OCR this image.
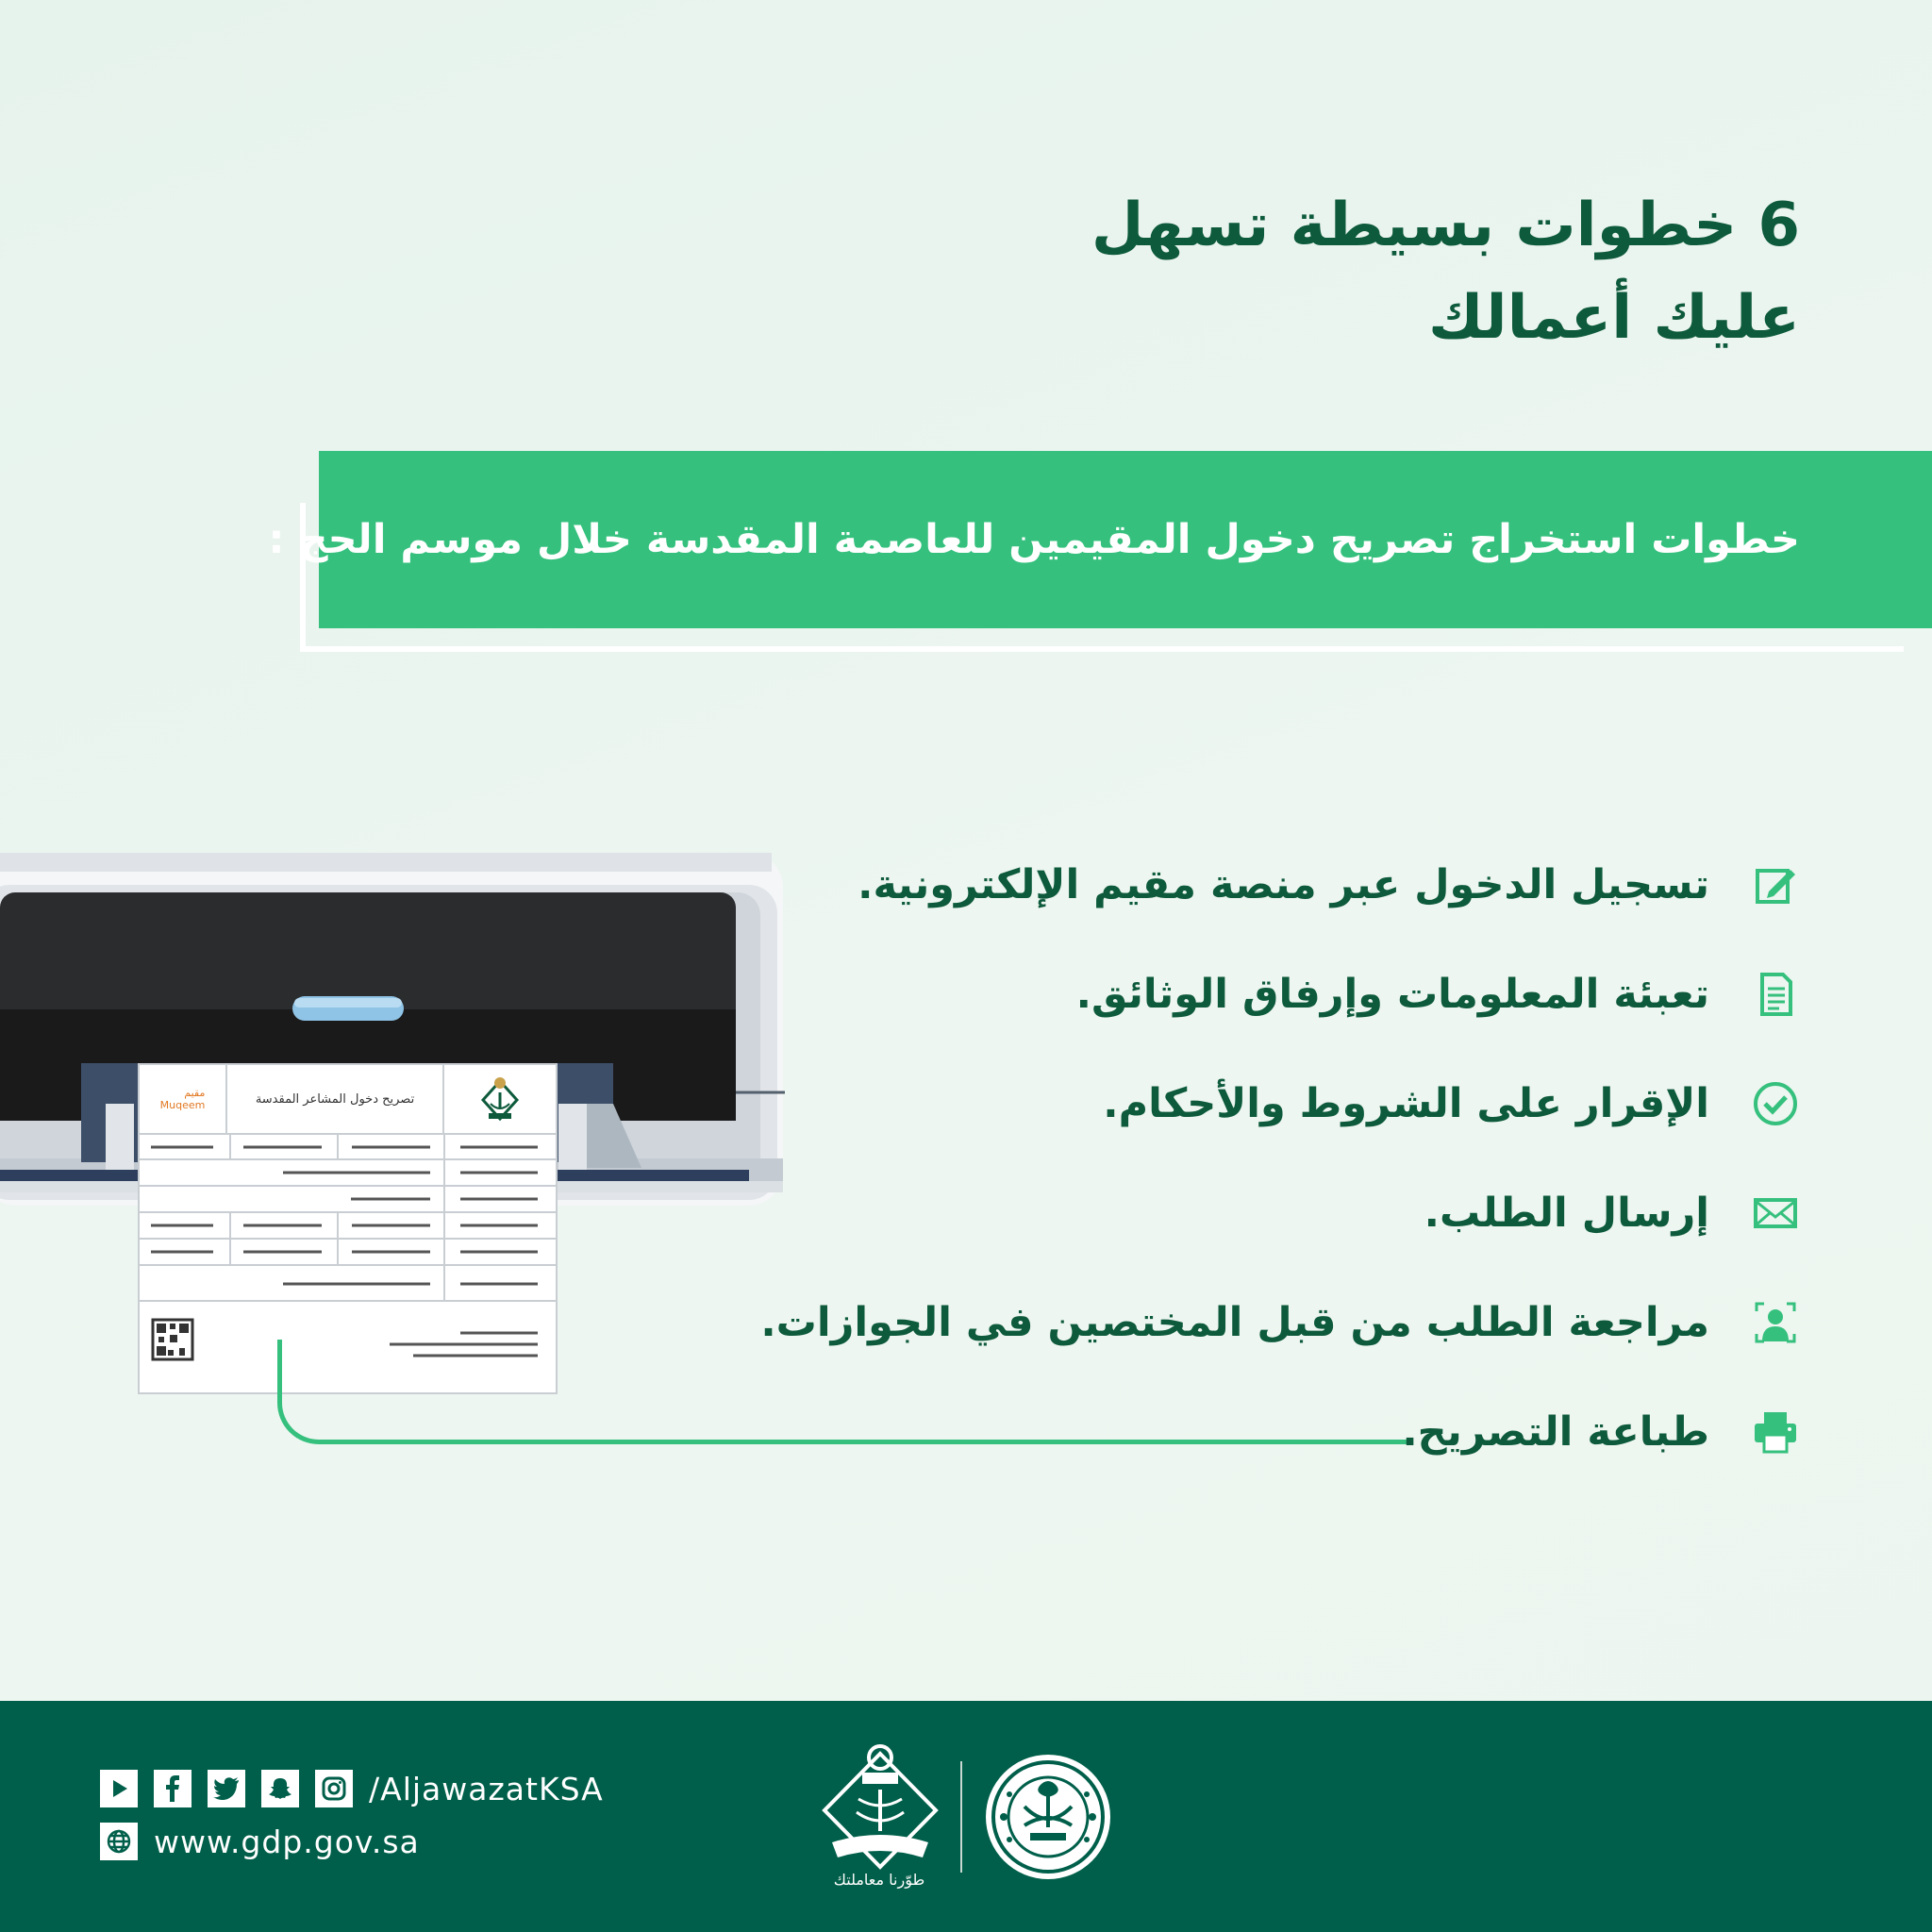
6 خطوات بسيطة تسهل
عليك أعمالك

خطوات استخراج تصريح دخول المقيمين للعاصمة المقدسة خلال موسم الحج :

تصريح دخول المشاعر المقدسة
مقيم
Muqeem
تسجيل الدخول عبر منصة مقيم الإلكترونية.
تعبئة المعلومات وإرفاق الوثائق.
الإقرار على الشروط والأحكام.
إرسال الطلب.
مراجعة الطلب من قبل المختصين في الجوازات.
طباعة التصريح.
/AljawazatKSA
www.gdp.gov.sa
طوّرنا معاملتك
